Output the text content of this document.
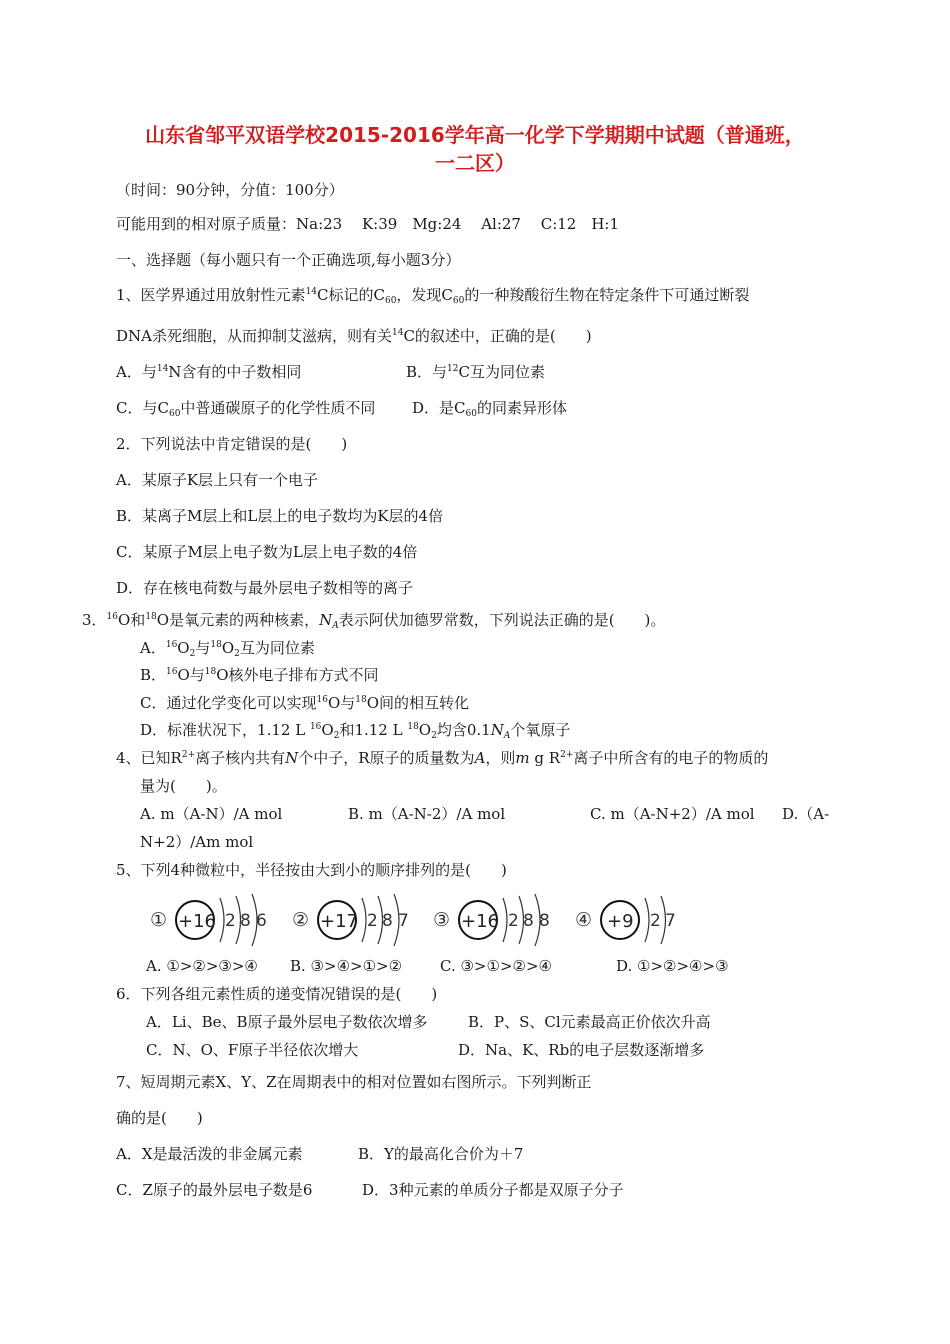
山东省邹平双语学校2015-2016学年高一化学下学期期中试题（普通班，
一二区）
（时间：90分钟，分值：100分）
可能用到的相对原子质量：Na:23　 K:39　Mg:24　 Al:27　 C:12　H:1
一、选择题（每小题只有一个正确选项,每小题3分）
1、医学界通过用放射性元素$^{14}$C标记的$C_{60}$，发现$C_{60}$的一种羧酸衍生物在特定条件下可通过断裂
DNA杀死细胞，从而抑制艾滋病，则有关$^{14}$C的叙述中，正确的是(　　)
A．与$^{14}$N含有的中子数相同	B．与$^{12}$C互为同位素
C．与$C_{60}$中普通碳原子的化学性质不同 D．是$C_{60}$的同素异形体
2．下列说法中肯定错误的是(　　)
A．某原子K层上只有一个电子
B．某离子M层上和L层上的电子数均为K层的4倍
C．某原子M层上电子数为L层上电子数的4倍
D．存在核电荷数与最外层电子数相等的离子
3．$^{16}$O和$^{18}$O是氧元素的两种核素，$N_A$表示阿伏加德罗常数，下列说法正确的是(　　)。
A．$^{16}O_2$与$^{18}O_2$互为同位素
B．$^{16}$O与$^{18}$O核外电子排布方式不同
C．通过化学变化可以实现$^{16}$O与$^{18}$O间的相互转化
D．标准状况下，1.12 L $^{16}O_2$和1.12 L $^{18}O_2$均含$0.1N_A$个氧原子
4、已知$R^{2+}$离子核内共有N个中子，R原子的质量数为A，则m g $R^{2+}$离子中所含有的电子的物质的
量为(　　)。
A. m（A-N）/A mol	B. m（A-N-2）/A mol	C. m（A-N+2）/A mol D.（A-
N+2）/Am mol
5、下列4种微粒中，半径按由大到小的顺序排列的是(　　)
① +16 2 8 6 ② +17 2 8 7 ③ +16 2 8 8 ④ +9 2 7
A. ①>②>③>④ B. ③>④>①>②	C. ③>①>②>④	D. ①>②>④>③
6．下列各组元素性质的递变情况错误的是(　　)
A．Li、Be、B原子最外层电子数依次增多	B．P、S、Cl元素最高正价依次升高
C．N、O、F原子半径依次增大	D．Na、K、Rb的电子层数逐渐增多
7、短周期元素X、Y、Z在周期表中的相对位置如右图所示。下列判断正
确的是(　　)
A．X是最活泼的非金属元素	B．Y的最高化合价为＋7
C．Z原子的最外层电子数是6	D．3种元素的单质分子都是双原子分子
